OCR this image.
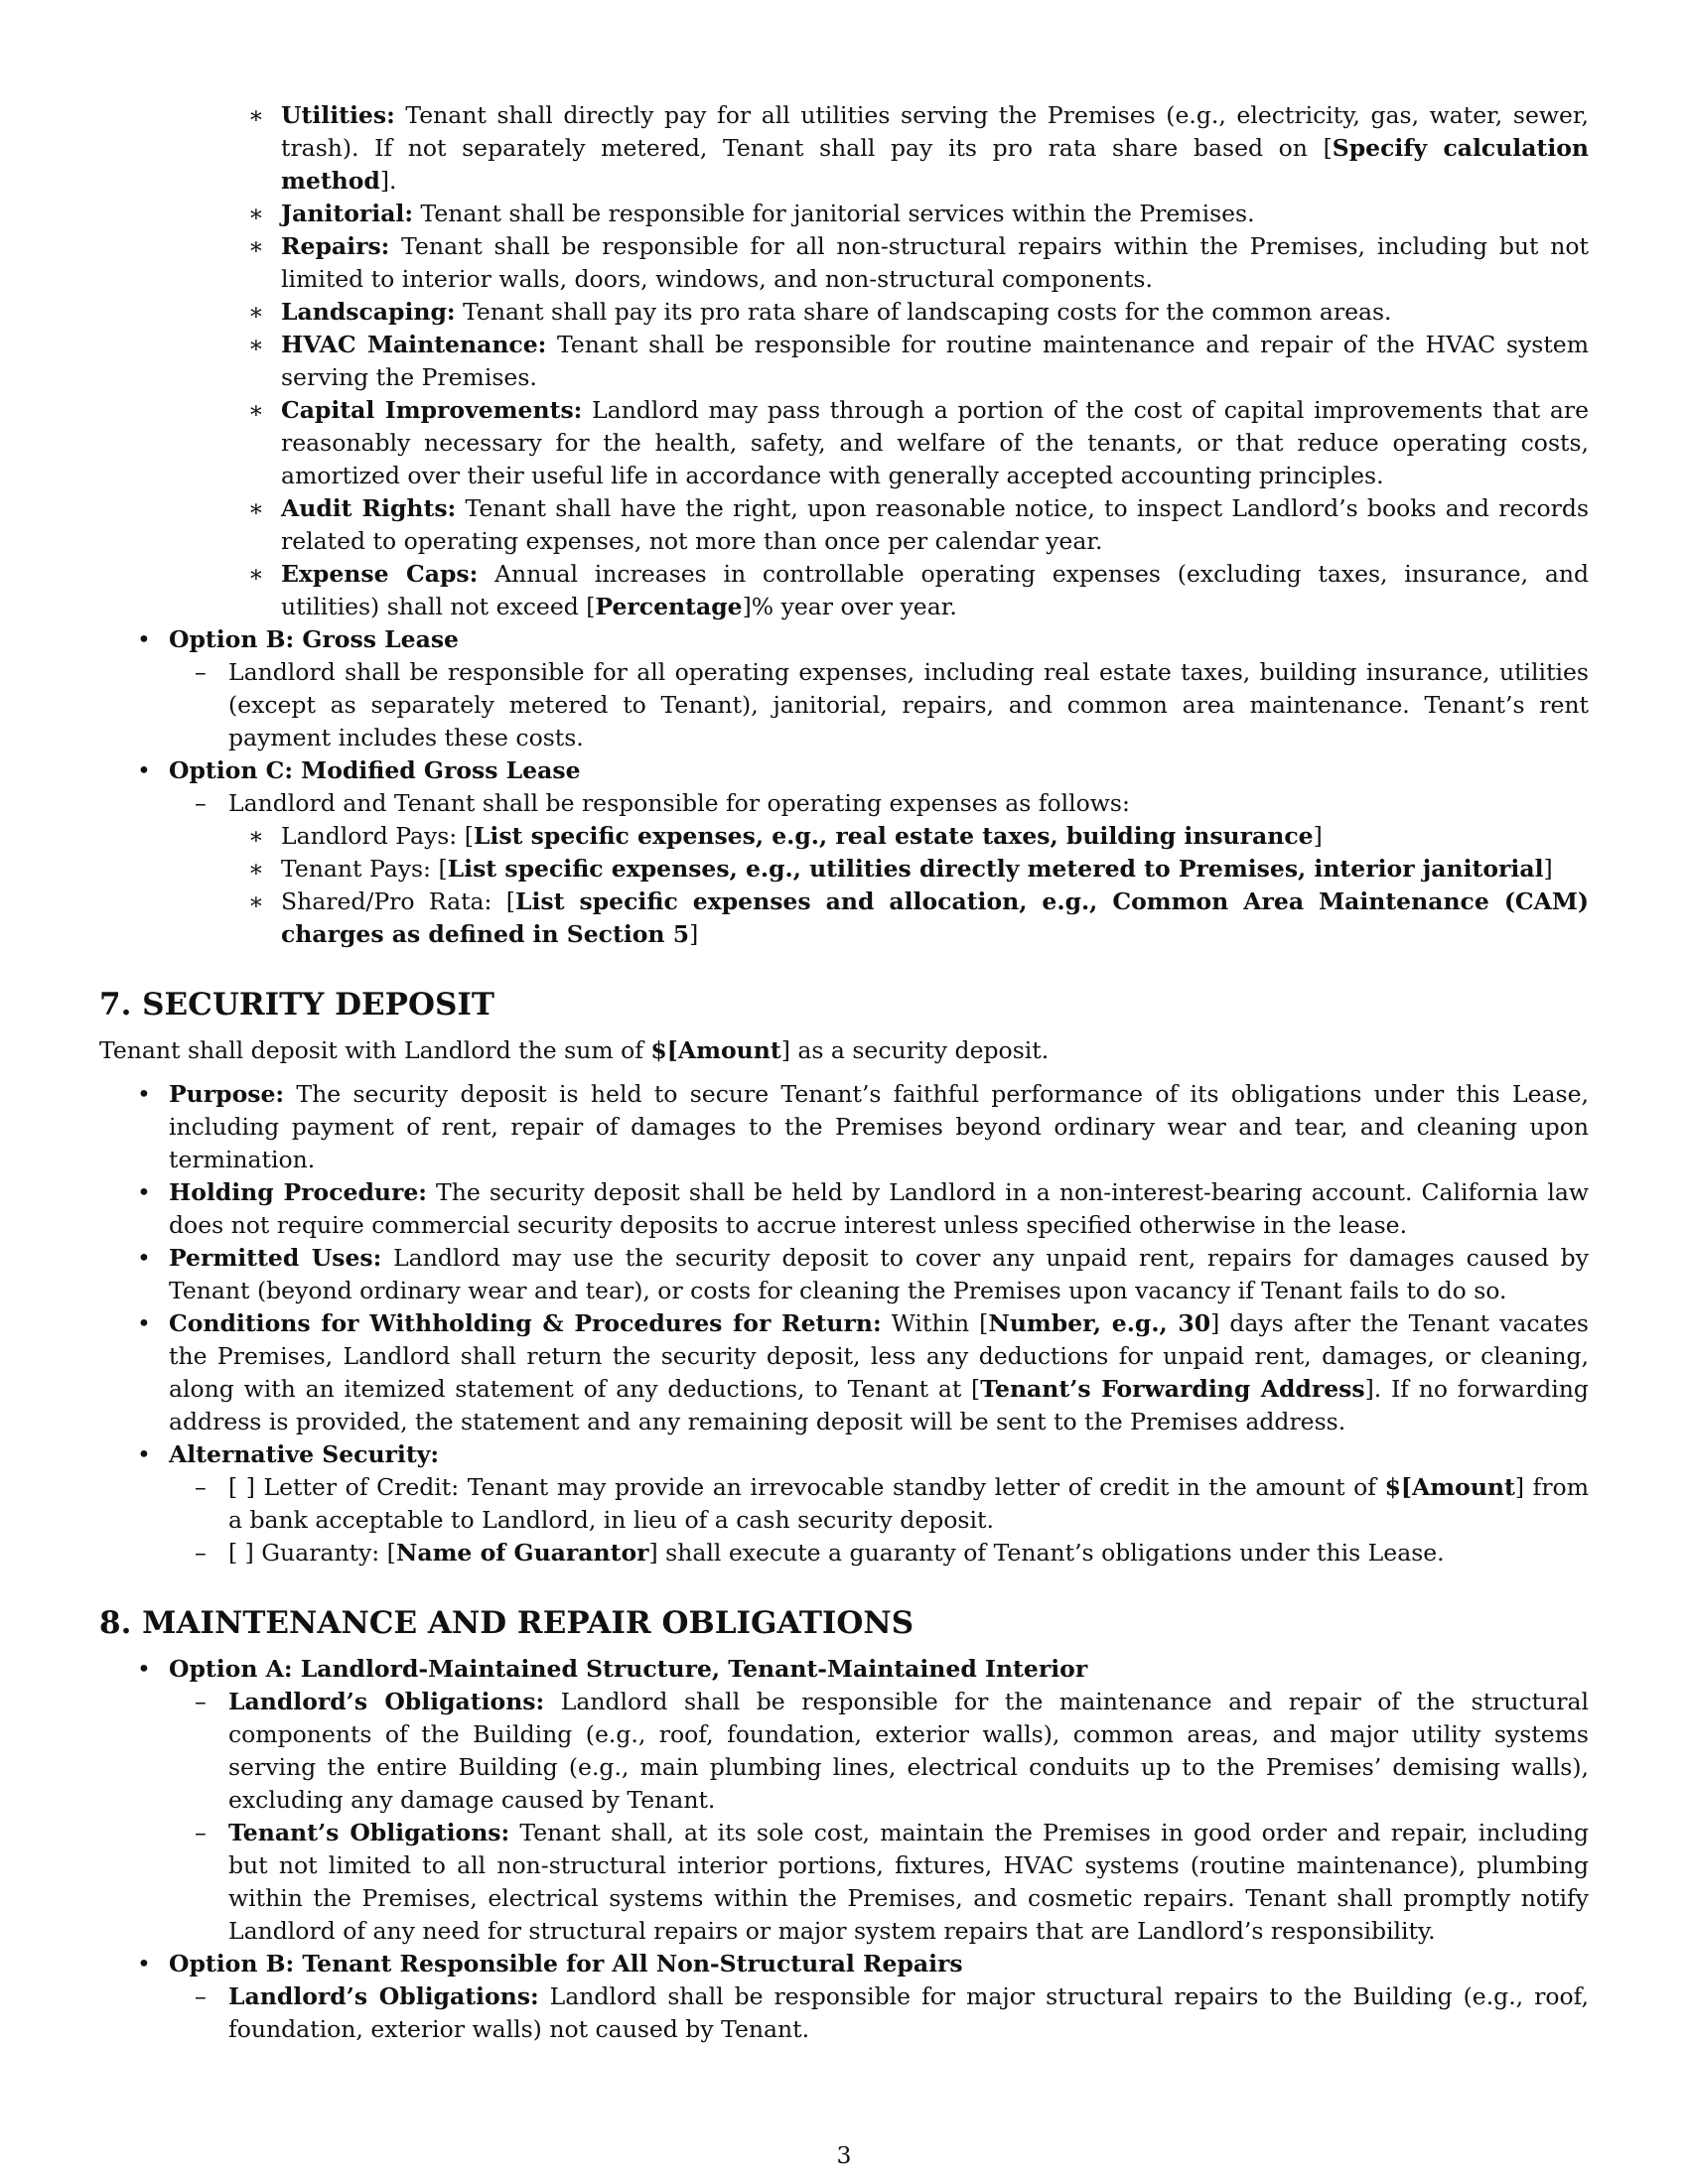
∗ Utilities: Tenant shall directly pay for all utilities serving the Premises (e.g., electricity, gas, water, sewer, trash). If not separately metered, Tenant shall pay its pro rata share based on [Specify calculation method].
∗ Janitorial: Tenant shall be responsible for janitorial services within the Premises.
∗ Repairs: Tenant shall be responsible for all non-structural repairs within the Premises, including but not limited to interior walls, doors, windows, and non-structural components.
∗ Landscaping: Tenant shall pay its pro rata share of landscaping costs for the common areas.
∗ HVAC Maintenance: Tenant shall be responsible for routine maintenance and repair of the HVAC system serving the Premises.
∗ Capital Improvements: Landlord may pass through a portion of the cost of capital improvements that are reasonably necessary for the health, safety, and welfare of the tenants, or that reduce operating costs, amortized over their useful life in accordance with generally accepted accounting principles.
∗ Audit Rights: Tenant shall have the right, upon reasonable notice, to inspect Landlord’s books and records related to operating expenses, not more than once per calendar year.
∗ Expense Caps: Annual increases in controllable operating expenses (excluding taxes, insurance, and utilities) shall not exceed [Percentage]% year over year.
• Option B: Gross Lease
– Landlord shall be responsible for all operating expenses, including real estate taxes, building insurance, utilities (except as separately metered to Tenant), janitorial, repairs, and common area maintenance. Tenant’s rent payment includes these costs.
• Option C: Modified Gross Lease
– Landlord and Tenant shall be responsible for operating expenses as follows:
∗ Landlord Pays: [List specific expenses, e.g., real estate taxes, building insurance]
∗ Tenant Pays: [List specific expenses, e.g., utilities directly metered to Premises, interior janitorial]
∗ Shared/Pro Rata: [List specific expenses and allocation, e.g., Common Area Maintenance (CAM) charges as defined in Section 5]
7. SECURITY DEPOSIT
Tenant shall deposit with Landlord the sum of $[Amount] as a security deposit.
• Purpose: The security deposit is held to secure Tenant’s faithful performance of its obligations under this Lease, including payment of rent, repair of damages to the Premises beyond ordinary wear and tear, and cleaning upon termination.
• Holding Procedure: The security deposit shall be held by Landlord in a non-interest-bearing account. California law does not require commercial security deposits to accrue interest unless specified otherwise in the lease.
• Permitted Uses: Landlord may use the security deposit to cover any unpaid rent, repairs for damages caused by Tenant (beyond ordinary wear and tear), or costs for cleaning the Premises upon vacancy if Tenant fails to do so.
• Conditions for Withholding & Procedures for Return: Within [Number, e.g., 30] days after the Tenant vacates the Premises, Landlord shall return the security deposit, less any deductions for unpaid rent, damages, or cleaning, along with an itemized statement of any deductions, to Tenant at [Tenant’s Forwarding Address]. If no forwarding address is provided, the statement and any remaining deposit will be sent to the Premises address.
• Alternative Security:
– [ ] Letter of Credit: Tenant may provide an irrevocable standby letter of credit in the amount of $[Amount] from a bank acceptable to Landlord, in lieu of a cash security deposit.
– [ ] Guaranty: [Name of Guarantor] shall execute a guaranty of Tenant’s obligations under this Lease.
8. MAINTENANCE AND REPAIR OBLIGATIONS
• Option A: Landlord-Maintained Structure, Tenant-Maintained Interior
– Landlord’s Obligations: Landlord shall be responsible for the maintenance and repair of the structural components of the Building (e.g., roof, foundation, exterior walls), common areas, and major utility systems serving the entire Building (e.g., main plumbing lines, electrical conduits up to the Premises’ demising walls), excluding any damage caused by Tenant.
– Tenant’s Obligations: Tenant shall, at its sole cost, maintain the Premises in good order and repair, including but not limited to all non-structural interior portions, fixtures, HVAC systems (routine maintenance), plumbing within the Premises, electrical systems within the Premises, and cosmetic repairs. Tenant shall promptly notify Landlord of any need for structural repairs or major system repairs that are Landlord’s responsibility.
• Option B: Tenant Responsible for All Non-Structural Repairs
– Landlord’s Obligations: Landlord shall be responsible for major structural repairs to the Building (e.g., roof, foundation, exterior walls) not caused by Tenant.
3
